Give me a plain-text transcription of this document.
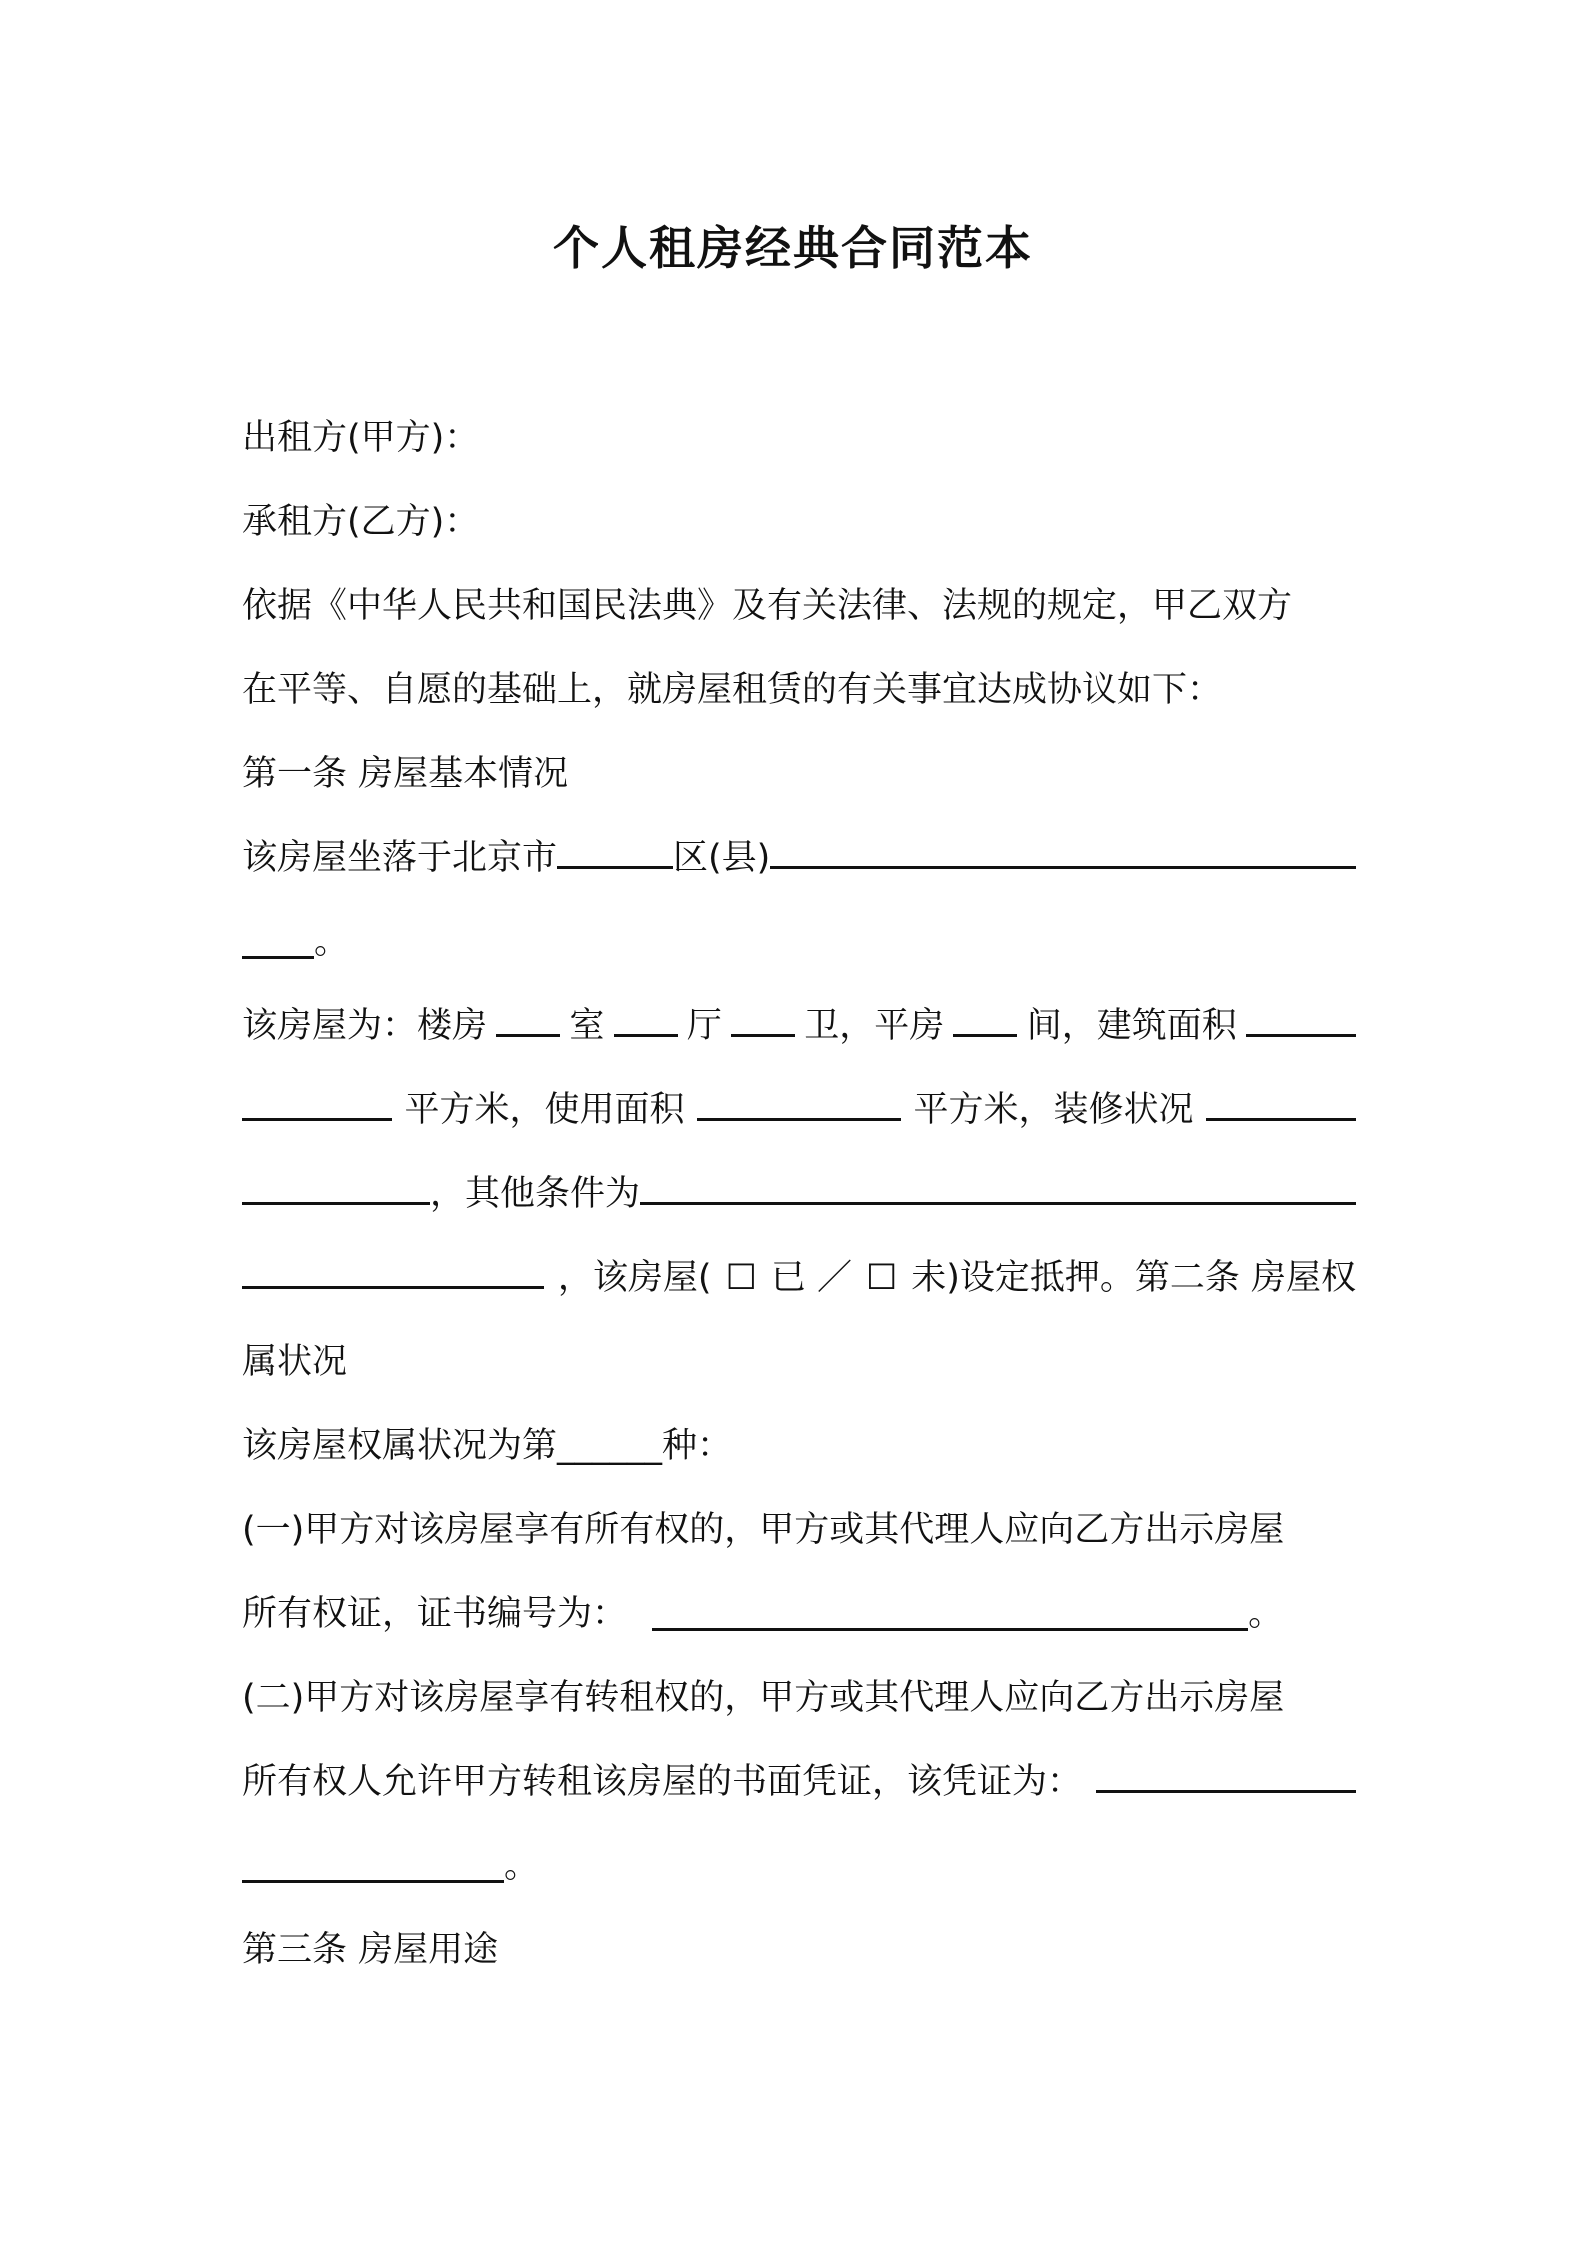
个人租房经典合同范本
出租方(甲方)：
承租方(乙方)：
依据《中华人民共和国民法典》及有关法律、法规的规定，甲乙双方
在平等、自愿的基础上，就房屋租赁的有关事宜达成协议如下：
第一条 房屋基本情况
该房屋坐落于北京市	区(县)
。
该房屋为：楼房 室 厅 卫，平房 间，建筑面积
平方米，使用面积	平方米，装修状况
，其他条件为
，该房屋( ☐ 已 ／ ☐ 未)设定抵押。第二条 房屋权
属状况
该房屋权属状况为第______种：
(一)甲方对该房屋享有所有权的，甲方或其代理人应向乙方出示房屋
所有权证，证书编号为：	。
(二)甲方对该房屋享有转租权的，甲方或其代理人应向乙方出示房屋
所有权人允许甲方转租该房屋的书面凭证，该凭证为：
。
第三条 房屋用途
